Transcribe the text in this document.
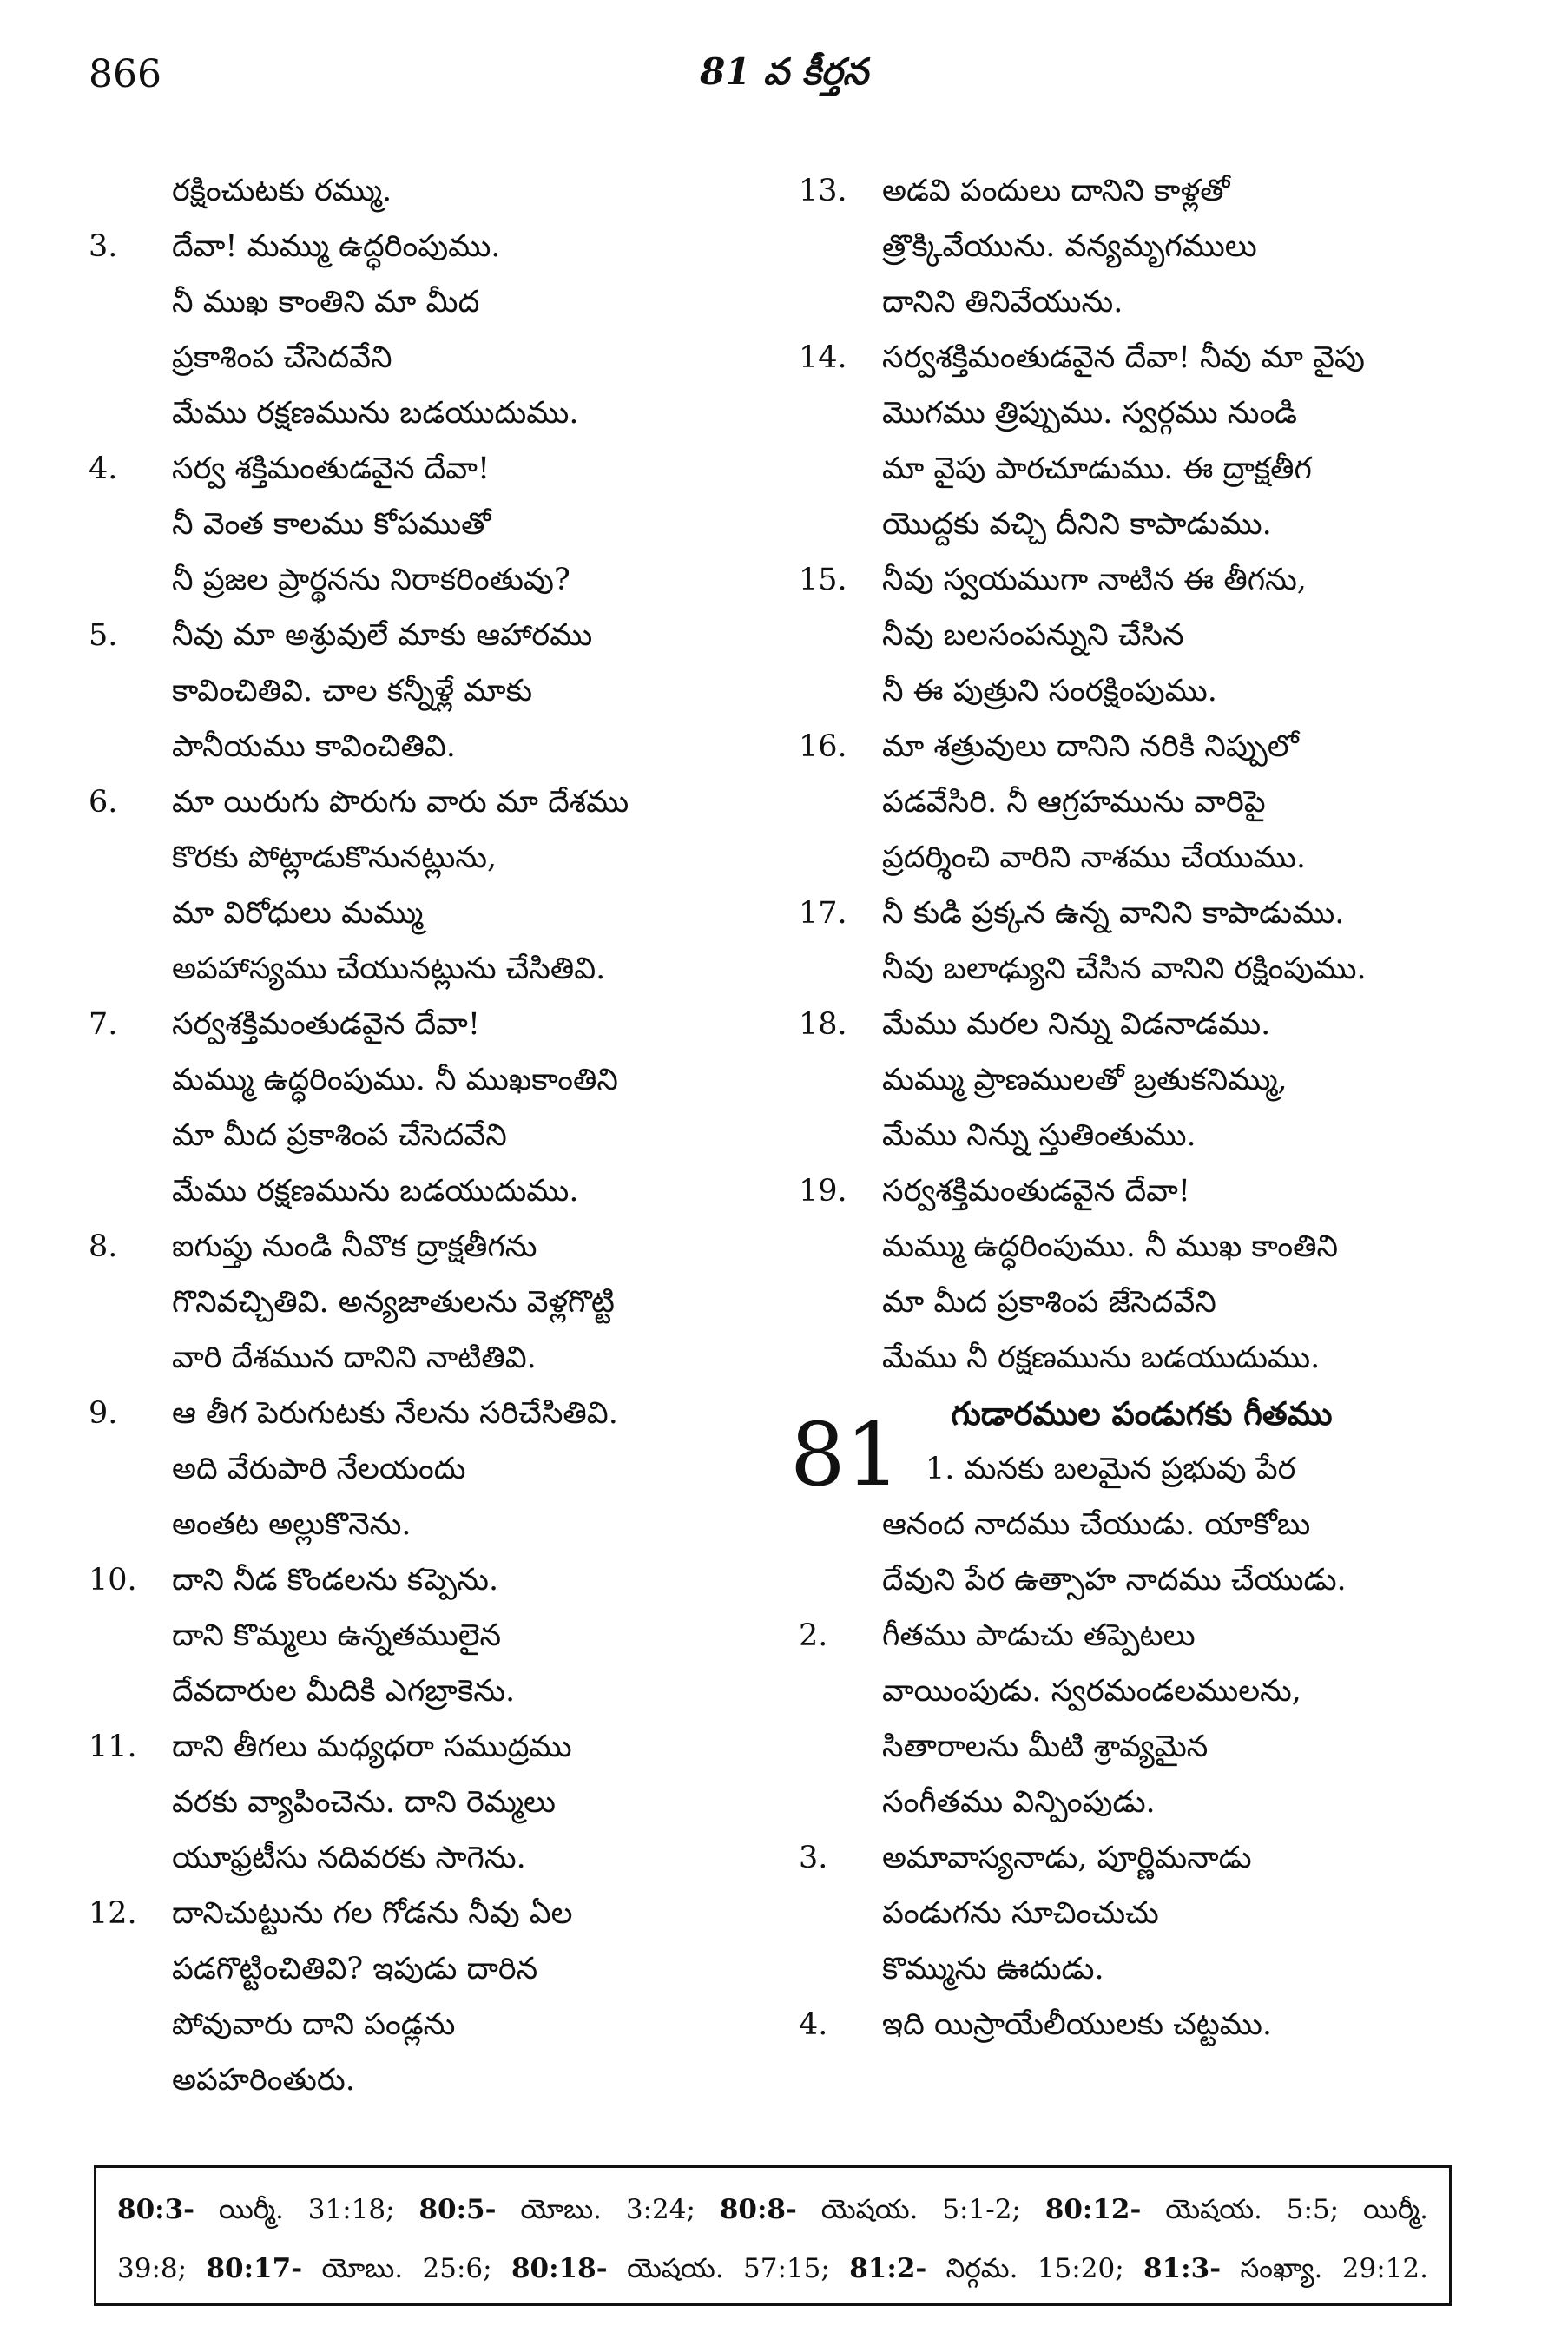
866	81 వ కీర్తన
రక్షించుటకు రమ్ము.
3. దేవా! మమ్ము ఉద్ధరింపుము.
నీ ముఖ కాంతిని మా మీద
ప్రకాశింప చేసెదవేని
మేము రక్షణమును బడయుదుము.
4. సర్వ శక్తిమంతుడవైన దేవా!
నీ వెంత కాలము కోపముతో
నీ ప్రజల ప్రార్థనను నిరాకరింతువు?
5. నీవు మా అశ్రువులే మాకు ఆహారము
కావించితివి. చాల కన్నీళ్లే మాకు
పానీయము కావించితివి.
6. మా యిరుగు పొరుగు వారు మా దేశము
కొరకు పోట్లాడుకొనునట్లును,
మా విరోధులు మమ్ము
అపహాస్యము చేయునట్లును చేసితివి.
7. సర్వశక్తిమంతుడవైన దేవా!
మమ్ము ఉద్ధరింపుము. నీ ముఖకాంతిని
మా మీద ప్రకాశింప చేసెదవేని
మేము రక్షణమును బడయుదుము.
8. ఐగుప్తు నుండి నీవొక ద్రాక్షతీగను
గొనివచ్చితివి. అన్యజాతులను వెళ్లగొట్టి
వారి దేశమున దానిని నాటితివి.
9. ఆ తీగ పెరుగుటకు నేలను సరిచేసితివి.
అది వేరుపారి నేలయందు
అంతట అల్లుకొనెను.
10. దాని నీడ కొండలను కప్పెను.
దాని కొమ్మలు ఉన్నతములైన
దేవదారుల మీదికి ఎగబ్రాకెను.
11. దాని తీగలు మధ్యధరా సముద్రము
వరకు వ్యాపించెను. దాని రెమ్మలు
యూఫ్రటీసు నదివరకు సాగెను.
12. దానిచుట్టును గల గోడను నీవు ఏల
పడగొట్టించితివి? ఇపుడు దారిన
పోవువారు దాని పండ్లను
అపహరింతురు.
13. అడవి పందులు దానిని కాళ్లతో
త్రొక్కివేయును. వన్యమృగములు
దానిని తినివేయును.
14. సర్వశక్తిమంతుడవైన దేవా! నీవు మా వైపు
మొగము త్రిప్పుము. స్వర్గము నుండి
మా వైపు పారచూడుము. ఈ ద్రాక్షతీగ
యొద్దకు వచ్చి దీనిని కాపాడుము.
15. నీవు స్వయముగా నాటిన ఈ తీగను,
నీవు బలసంపన్నుని చేసిన
నీ ఈ పుత్రుని సంరక్షింపుము.
16. మా శత్రువులు దానిని నరికి నిప్పులో
పడవేసిరి. నీ ఆగ్రహమును వారిపై
ప్రదర్శించి వారిని నాశము చేయుము.
17. నీ కుడి ప్రక్కన ఉన్న వానిని కాపాడుము.
నీవు బలాఢ్యుని చేసిన వానిని రక్షింపుము.
18. మేము మరల నిన్ను విడనాడము.
మమ్ము ప్రాణములతో బ్రతుకనిమ్ము,
మేము నిన్ను స్తుతింతుము.
19. సర్వశక్తిమంతుడవైన దేవా!
మమ్ము ఉద్ధరింపుము. నీ ముఖ కాంతిని
మా మీద ప్రకాశింప జేసెదవేని
మేము నీ రక్షణమును బడయుదుము.
గుడారముల పండుగకు గీతము
81 1. మనకు బలమైన ప్రభువు పేర
ఆనంద నాదము చేయుడు. యాకోబు
దేవుని పేర ఉత్సాహ నాదము చేయుడు.
2. గీతము పాడుచు తప్పెటలు
వాయింపుడు. స్వరమండలములను,
సితారాలను మీటి శ్రావ్యమైన
సంగీతము విన్పింపుడు.
3. అమావాస్యనాడు, పూర్ణిమనాడు
పండుగను సూచించుచు
కొమ్మును ఊదుడు.
4. ఇది యిస్రాయేలీయులకు చట్టము.
80:3- యిర్మీ. 31:18; 80:5- యోబు. 3:24; 80:8- యెషయ. 5:1-2; 80:12- యెషయ. 5:5; యిర్మీ.
39:8; 80:17- యోబు. 25:6; 80:18- యెషయ. 57:15; 81:2- నిర్గమ. 15:20; 81:3- సంఖ్యా. 29:12.
